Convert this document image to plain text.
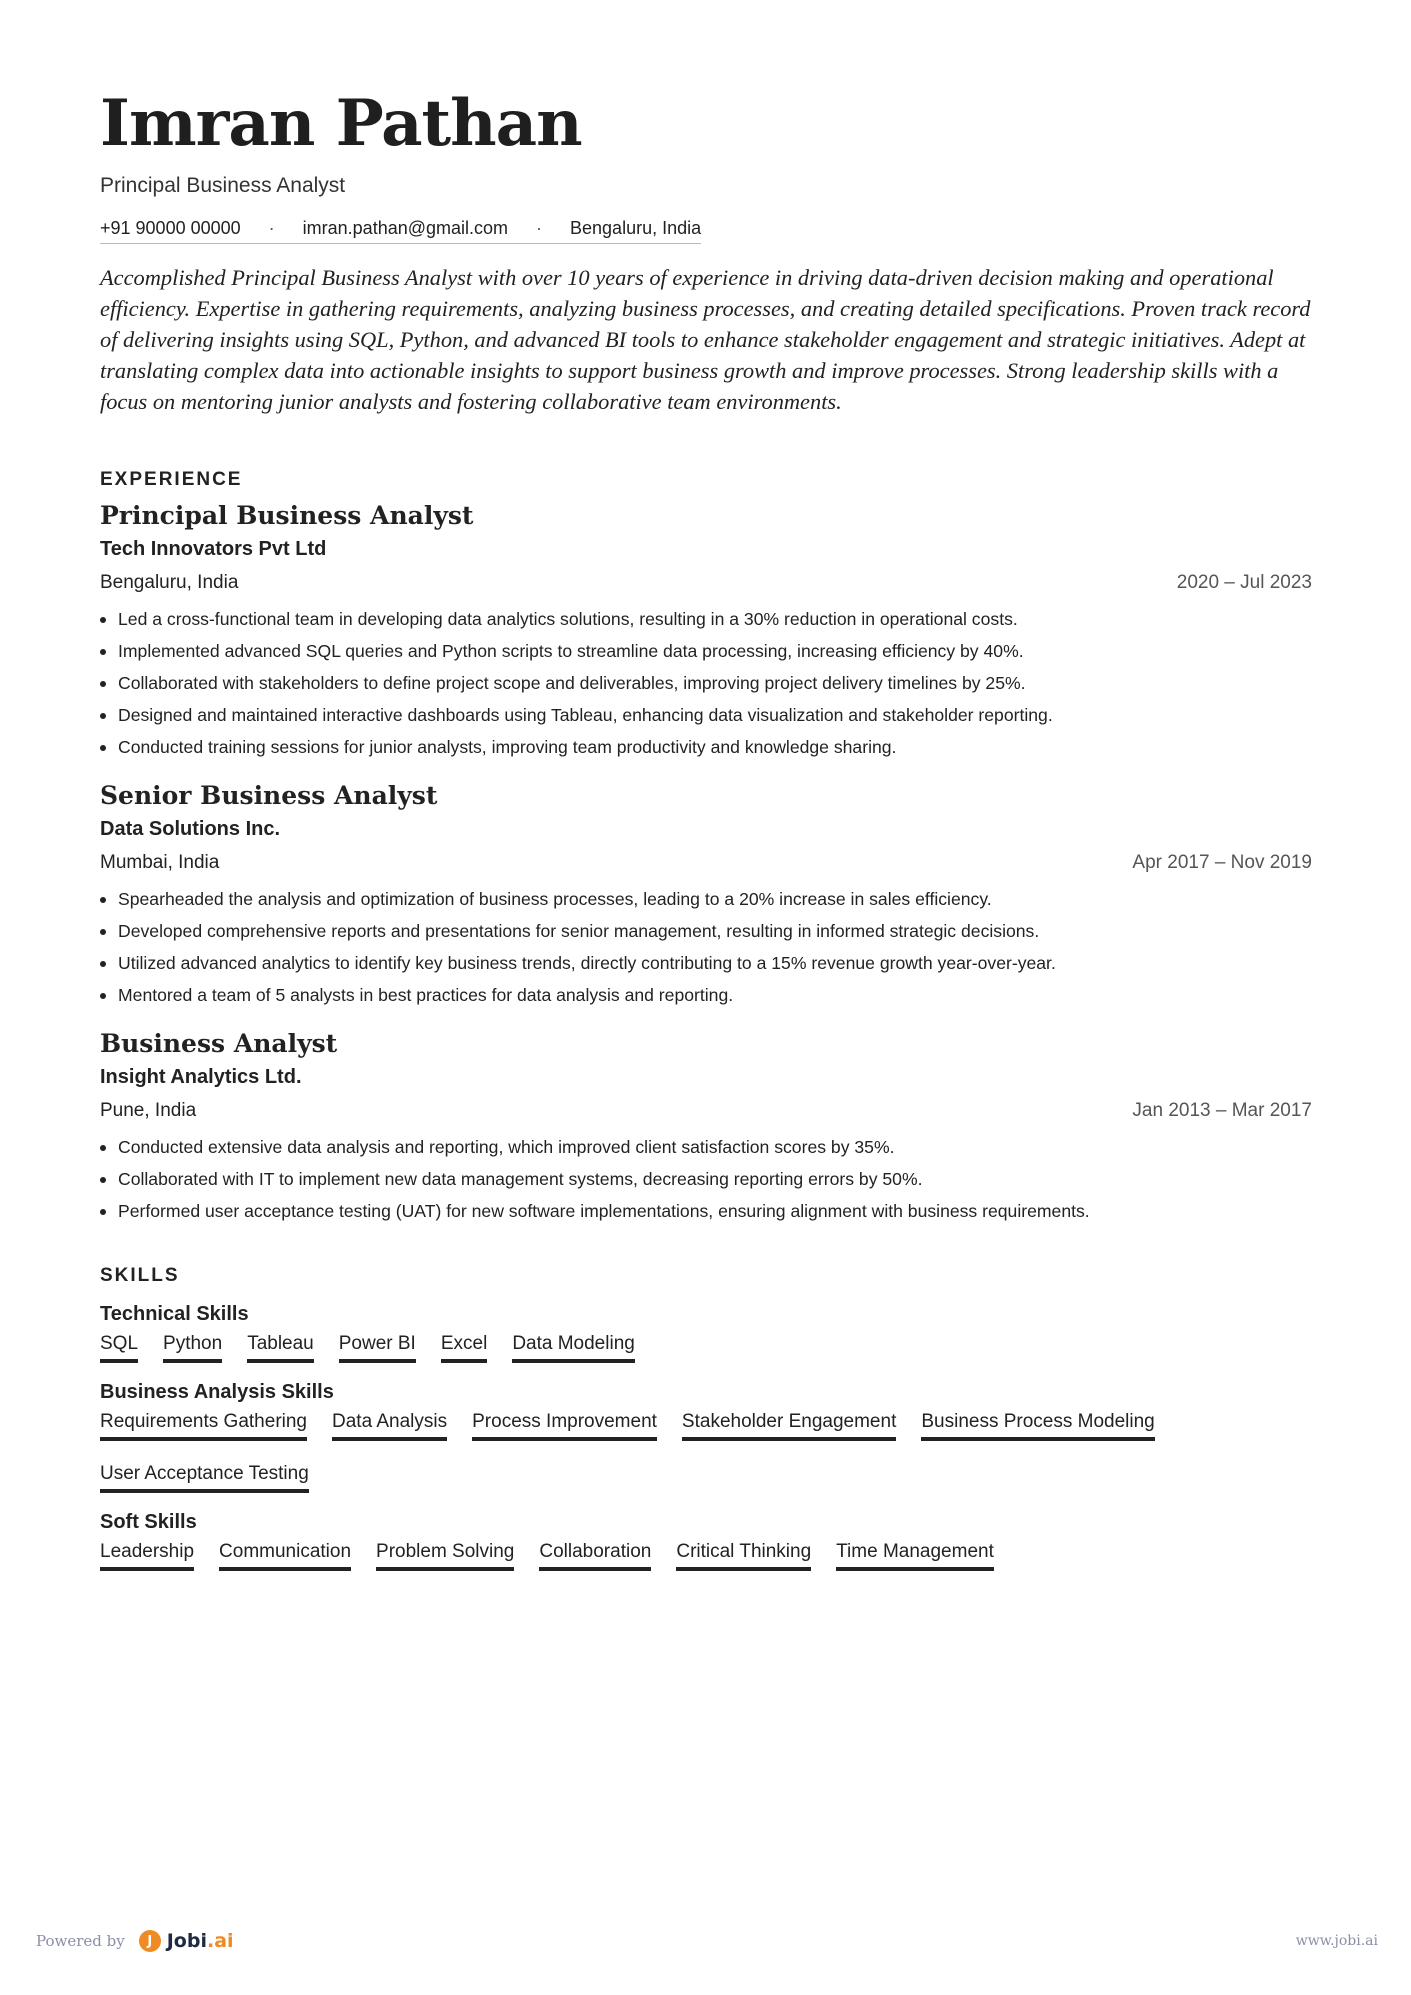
Imran Pathan
Principal Business Analyst
+91 90000 00000 · imran.pathan@gmail.com · Bengaluru, India
Accomplished Principal Business Analyst with over 10 years of experience in driving data-driven decision making and operational efficiency. Expertise in gathering requirements, analyzing business processes, and creating detailed specifications. Proven track record of delivering insights using SQL, Python, and advanced BI tools to enhance stakeholder engagement and strategic initiatives. Adept at translating complex data into actionable insights to support business growth and improve processes. Strong leadership skills with a focus on mentoring junior analysts and fostering collaborative team environments.
EXPERIENCE
Principal Business Analyst
Tech Innovators Pvt Ltd
Bengaluru, India	2020 – Jul 2023
Led a cross-functional team in developing data analytics solutions, resulting in a 30% reduction in operational costs.
Implemented advanced SQL queries and Python scripts to streamline data processing, increasing efficiency by 40%.
Collaborated with stakeholders to define project scope and deliverables, improving project delivery timelines by 25%.
Designed and maintained interactive dashboards using Tableau, enhancing data visualization and stakeholder reporting.
Conducted training sessions for junior analysts, improving team productivity and knowledge sharing.
Senior Business Analyst
Data Solutions Inc.
Mumbai, India	Apr 2017 – Nov 2019
Spearheaded the analysis and optimization of business processes, leading to a 20% increase in sales efficiency.
Developed comprehensive reports and presentations for senior management, resulting in informed strategic decisions.
Utilized advanced analytics to identify key business trends, directly contributing to a 15% revenue growth year-over-year.
Mentored a team of 5 analysts in best practices for data analysis and reporting.
Business Analyst
Insight Analytics Ltd.
Pune, India	Jan 2013 – Mar 2017
Conducted extensive data analysis and reporting, which improved client satisfaction scores by 35%.
Collaborated with IT to implement new data management systems, decreasing reporting errors by 50%.
Performed user acceptance testing (UAT) for new software implementations, ensuring alignment with business requirements.
SKILLS
Technical Skills
SQL Python Tableau Power BI Excel Data Modeling
Business Analysis Skills
Requirements Gathering Data Analysis Process Improvement Stakeholder Engagement Business Process Modeling
User Acceptance Testing
Soft Skills
Leadership Communication Problem Solving Collaboration Critical Thinking Time Management
Powered by	J Jobi.ai	www.jobi.ai
